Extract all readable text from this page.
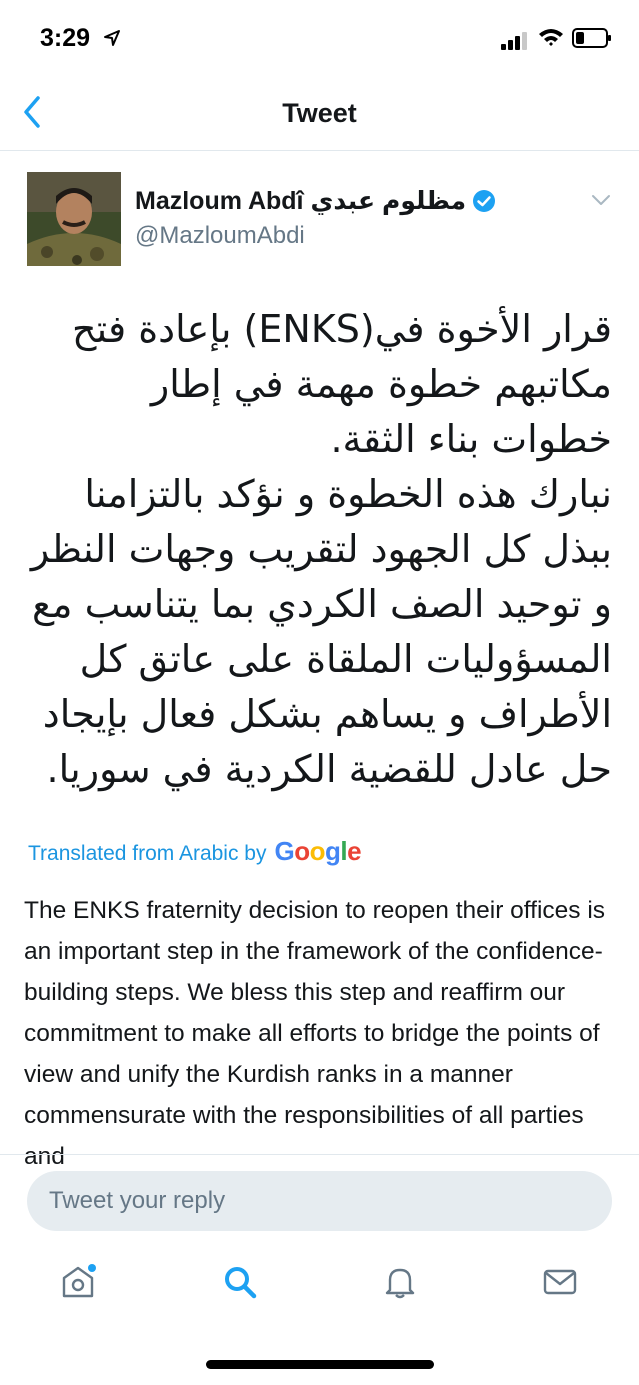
3:29
Tweet
Mazloum Abdî مظلوم عبدي
@MazloumAbdi

قرار الأخوة في(ENKS) بإعادة فتح مكاتبهم خطوة مهمة في إطار خطوات بناء الثقة.

نبارك هذه الخطوة و نؤكد بالتزامنا ببذل كل الجهود لتقريب وجهات النظر و توحيد الصف الكردي بما يتناسب مع المسؤوليات الملقاة على عاتق كل الأطراف و يساهم بشكل فعال بإيجاد حل عادل للقضية الكردية في سوريا.

Translated from Arabic by Google
The ENKS fraternity decision to reopen their offices is an important step in the framework of the confidence-building steps. We bless this step and reaffirm our commitment to make all efforts to bridge the points of view and unify the Kurdish ranks in a manner commensurate with the responsibilities of all parties and
Tweet your reply
